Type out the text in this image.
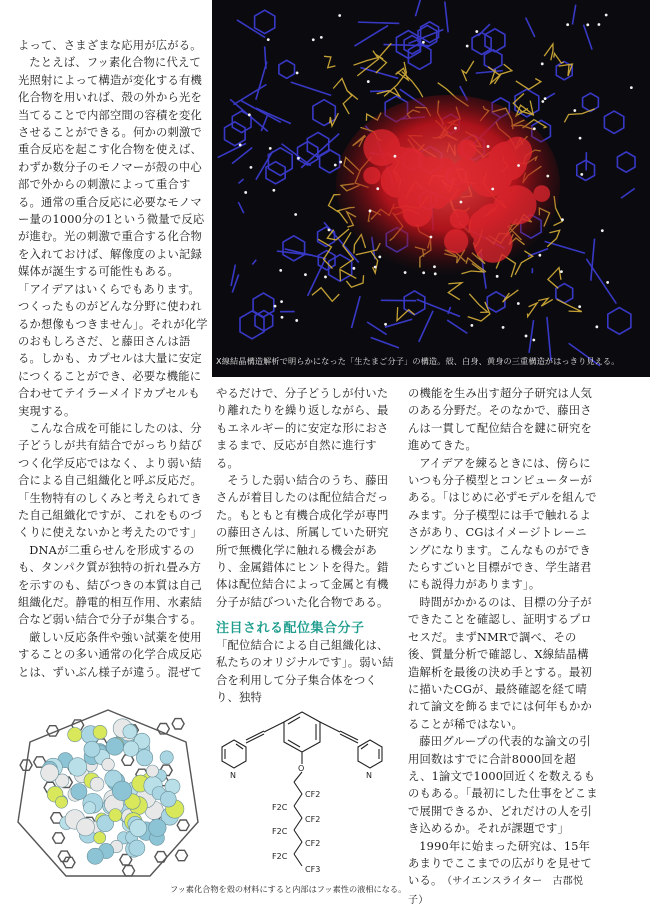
よって、さまざまな応用が広がる。

たとえば、フッ素化合物に代えて光照射によって構造が変化する有機化合物を用いれば、殻の外から光を当てることで内部空間の容積を変化させることができる。何かの刺激で重合反応を起こす化合物を使えば、わずか数分子のモノマーが殻の中心部で外からの刺激によって重合する。通常の重合反応に必要なモノマー量の1000分の1という微量で反応が進む。光の刺激で重合する化合物を入れておけば、解像度のよい記録媒体が誕生する可能性もある。

「アイデアはいくらでもあります。つくったものがどんな分野に使われるか想像もつきません」。それが化学のおもしろさだ、と藤田さんは語る。しかも、カプセルは大量に安定につくることができ、必要な機能に合わせてテイラーメイドカプセルも実現する。

こんな合成を可能にしたのは、分子どうしが共有結合でがっちり結びつく化学反応ではなく、より弱い結合による自己組織化と呼ぶ反応だ。「生物特有のしくみと考えられてきた自己組織化ですが、これをものづくりに使えないかと考えたのです」

DNAが二重らせんを形成するのも、タンパク質が独特の折れ畳み方を示すのも、結びつきの本質は自己組織化だ。静電的相互作用、水素結合など弱い結合で分子が集合する。

厳しい反応条件や強い試薬を使用することの多い通常の化学合成反応とは、ずいぶん様子が違う。混ぜて

X線結晶構造解析で明らかになった「生たまご分子」の構造。殻、白身、黄身の三重構造がはっきり見える。

やるだけで、分子どうしが付いたり離れたりを繰り返しながら、最もエネルギー的に安定な形におさまるまで、反応が自然に進行する。

そうした弱い結合のうち、藤田さんが着目したのは配位結合だった。もともと有機合成化学が専門の藤田さんは、所属していた研究所で無機化学に触れる機会があり、金属錯体にヒントを得た。錯体は配位結合によって金属と有機分子が結びついた化合物である。

注目される配位集合分子

「配位結合による自己組織化は、私たちのオリジナルです」。弱い結合を利用して分子集合体をつくり、独特

の機能を生み出す超分子研究は人気のある分野だ。そのなかで、藤田さんは一貫して配位結合を鍵に研究を進めてきた。

アイデアを練るときには、傍らにいつも分子模型とコンピューターがある。「はじめに必ずモデルを組んでみます。分子模型には手で触れるよさがあり、CGはイメージトレーニングになります。こんなものができたらすごいと目標ができ、学生諸君にも説得力があります」。

時間がかかるのは、目標の分子ができたことを確認し、証明するプロセスだ。まずNMRで調べ、その後、質量分析で確認し、X線結晶構造解析を最後の決め手とする。最初に描いたCGが、最終確認を経て晴れて論文を飾るまでには何年もかかることが稀ではない。

藤田グループの代表的な論文の引用回数はすでに合計8000回を超え、1論文で1000回近くを数えるものもある。「最初にした仕事をどこまで展開できるか、どれだけの人を引き込めるか。それが課題です」

1990年に始まった研究は、15年あまりでここまでの広がりを見せている。　（サイエンスライター　古郡悦子）

フッ素化合物を殻の材料にすると内部はフッ素性の液相になる。
O
N	N
CF2
F2C
CF2
F2C
CF2
F2C
CF3
